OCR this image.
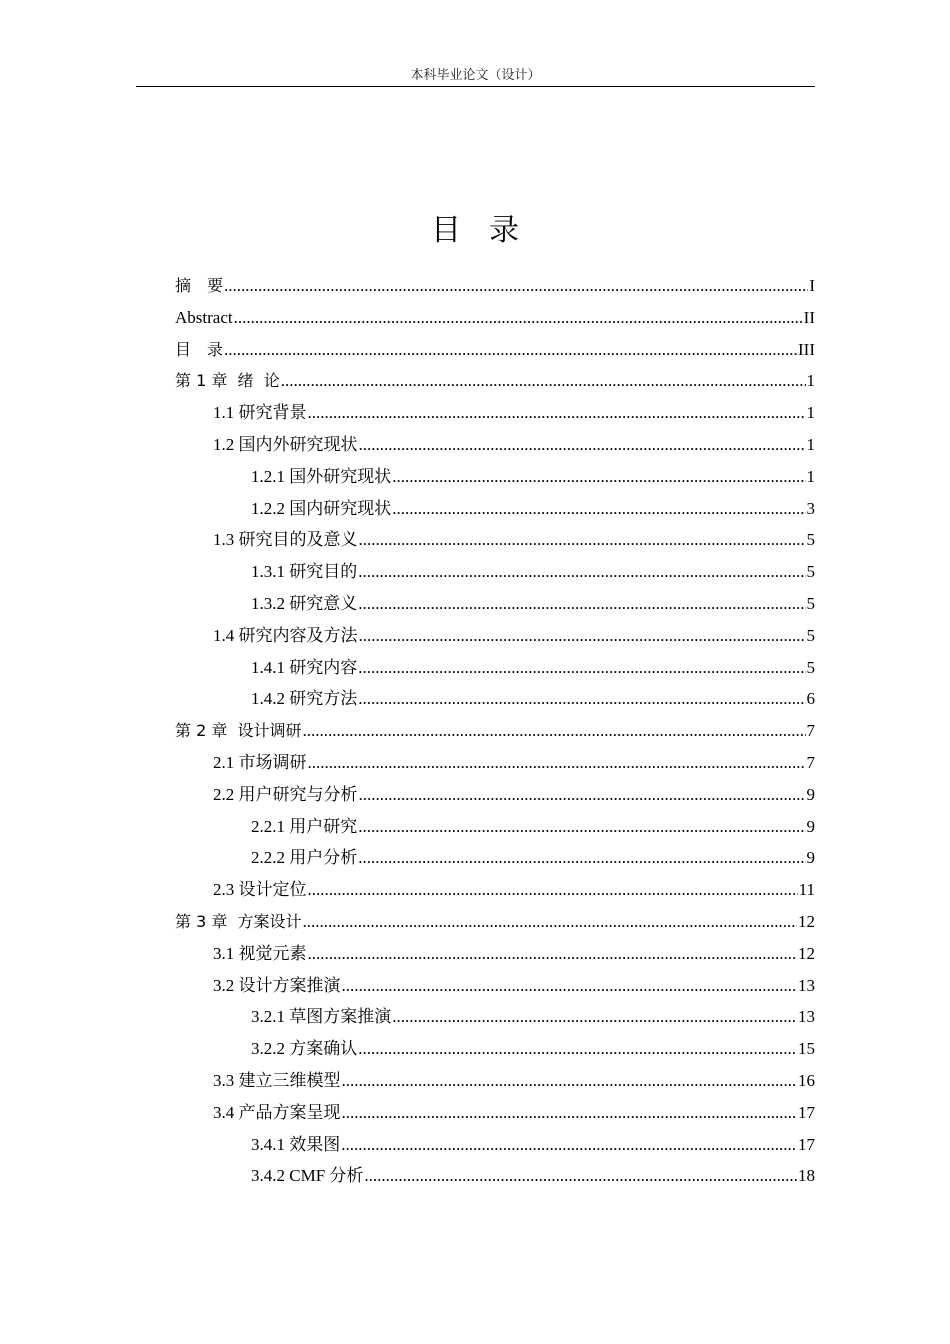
本科毕业论文（设计）
目录
摘　要 .....	I
Abstract .....	II
目　录 .....	III
第 1 章  绪  论 .....	1
1.1 研究背景 .....	1
1.2 国内外研究现状 .....	1
1.2.1 国外研究现状 .....	1
1.2.2 国内研究现状 .....	3
1.3 研究目的及意义 .....	5
1.3.1 研究目的 .....	5
1.3.2 研究意义 .....	5
1.4 研究内容及方法 .....	5
1.4.1 研究内容 .....	5
1.4.2 研究方法 .....	6
第 2 章  设计调研 .....	7
2.1 市场调研 .....	7
2.2 用户研究与分析 .....	9
2.2.1 用户研究 .....	9
2.2.2 用户分析 .....	9
2.3 设计定位 .....	11
第 3 章  方案设计 .....	12
3.1 视觉元素 .....	12
3.2 设计方案推演 .....	13
3.2.1 草图方案推演 .....	13
3.2.2 方案确认 .....	15
3.3 建立三维模型 .....	16
3.4 产品方案呈现 .....	17
3.4.1 效果图 .....	17
3.4.2 CMF 分析 .....	18
